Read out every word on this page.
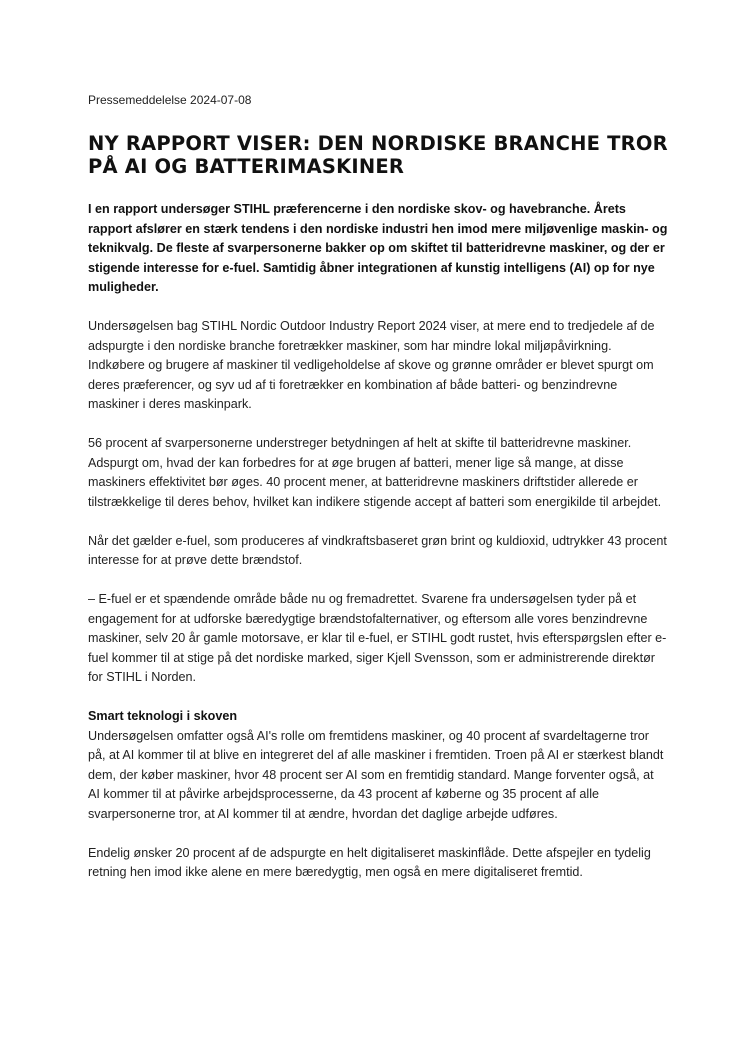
Pressemeddelelse 2024-07-08

NY RAPPORT VISER: DEN NORDISKE BRANCHE TROR
PÅ AI OG BATTERIMASKINER

I en rapport undersøger STIHL præferencerne i den nordiske skov- og havebranche. Årets rapport afslører en stærk tendens i den nordiske industri hen imod mere miljøvenlige maskin- og teknikvalg. De fleste af svarpersonerne bakker op om skiftet til batteridrevne maskiner, og der er stigende interesse for e-fuel. Samtidig åbner integrationen af kunstig intelligens (AI) op for nye muligheder.

Undersøgelsen bag STIHL Nordic Outdoor Industry Report 2024 viser, at mere end to tredjedele af de adspurgte i den nordiske branche foretrækker maskiner, som har mindre lokal miljøpåvirkning. Indkøbere og brugere af maskiner til vedligeholdelse af skove og grønne områder er blevet spurgt om deres præferencer, og syv ud af ti foretrækker en kombination af både batteri- og benzindrevne maskiner i deres maskinpark.

56 procent af svarpersonerne understreger betydningen af helt at skifte til batteridrevne maskiner. Adspurgt om, hvad der kan forbedres for at øge brugen af batteri, mener lige så mange, at disse maskiners effektivitet bør øges. 40 procent mener, at batteridrevne maskiners driftstider allerede er tilstrækkelige til deres behov, hvilket kan indikere stigende accept af batteri som energikilde til arbejdet.

Når det gælder e-fuel, som produceres af vindkraftsbaseret grøn brint og kuldioxid, udtrykker 43 procent interesse for at prøve dette brændstof.

– E-fuel er et spændende område både nu og fremadrettet. Svarene fra undersøgelsen tyder på et engagement for at udforske bæredygtige brændstofalternativer, og eftersom alle vores benzindrevne maskiner, selv 20 år gamle motorsave, er klar til e-fuel, er STIHL godt rustet, hvis efterspørgslen efter e-fuel kommer til at stige på det nordiske marked, siger Kjell Svensson, som er administrerende direktør for STIHL i Norden.

Smart teknologi i skoven

Undersøgelsen omfatter også AI's rolle om fremtidens maskiner, og 40 procent af svardeltagerne tror på, at AI kommer til at blive en integreret del af alle maskiner i fremtiden. Troen på AI er stærkest blandt dem, der køber maskiner, hvor 48 procent ser AI som en fremtidig standard. Mange forventer også, at AI kommer til at påvirke arbejdsprocesserne, da 43 procent af køberne og 35 procent af alle svarpersonerne tror, at AI kommer til at ændre, hvordan det daglige arbejde udføres.

Endelig ønsker 20 procent af de adspurgte en helt digitaliseret maskinflåde. Dette afspejler en tydelig retning hen imod ikke alene en mere bæredygtig, men også en mere digitaliseret fremtid.
